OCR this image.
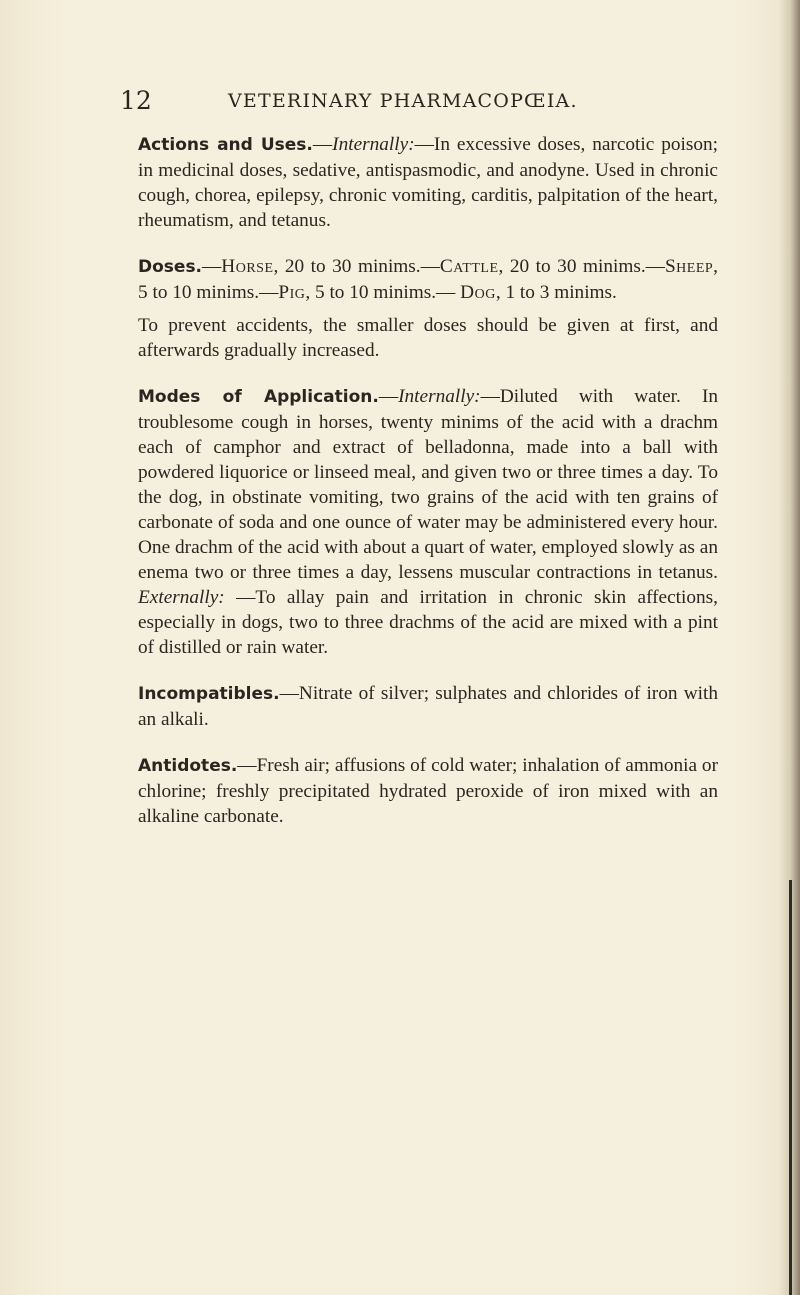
12	VETERINARY PHARMACOPŒIA.

Actions and Uses.—Internally:—In excessive doses, narcotic poison; in medicinal doses, sedative, antispasmodic, and anodyne. Used in chronic cough, chorea, epilepsy, chronic vomiting, carditis, palpitation of the heart, rheumatism, and tetanus.

Doses.—Horse, 20 to 30 minims.—Cattle, 20 to 30 minims.—Sheep, 5 to 10 minims.—Pig, 5 to 10 minims.— Dog, 1 to 3 minims.

To prevent accidents, the smaller doses should be given at first, and afterwards gradually increased.

Modes of Application.—Internally:—Diluted with water. In troublesome cough in horses, twenty minims of the acid with a drachm each of camphor and extract of belladonna, made into a ball with powdered liquorice or linseed meal, and given two or three times a day. To the dog, in obstinate vomiting, two grains of the acid with ten grains of carbonate of soda and one ounce of water may be administered every hour. One drachm of the acid with about a quart of water, employed slowly as an enema two or three times a day, lessens muscular contractions in tetanus. Externally: —To allay pain and irritation in chronic skin affections, especially in dogs, two to three drachms of the acid are mixed with a pint of distilled or rain water.

Incompatibles.—Nitrate of silver; sulphates and chlorides of iron with an alkali.

Antidotes.—Fresh air; affusions of cold water; inhalation of ammonia or chlorine; freshly precipitated hydrated peroxide of iron mixed with an alkaline carbonate.
